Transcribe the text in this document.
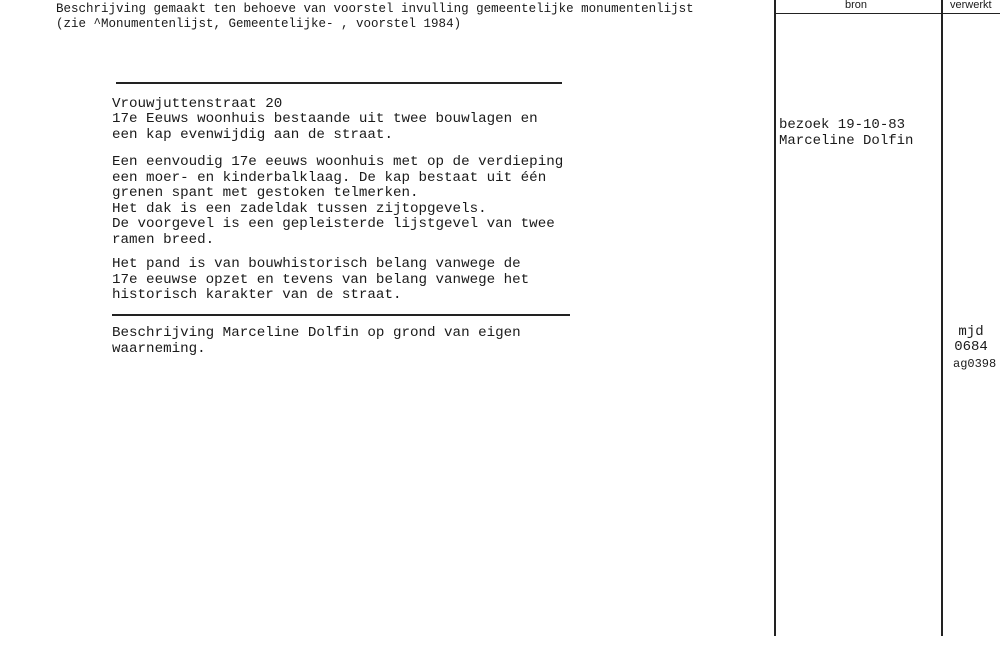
Beschrijving gemaakt ten behoeve van voorstel invulling gemeentelijke monumentenlijst
(zie ^Monumentenlijst, Gemeentelijke- , voorstel 1984)
bron	verwerkt
Vrouwjuttenstraat 20
17e Eeuws woonhuis bestaande uit twee bouwlagen en
een kap evenwijdig aan de straat.
Een eenvoudig 17e eeuws woonhuis met op de verdieping
een moer- en kinderbalklaag. De kap bestaat uit één
grenen spant met gestoken telmerken.
Het dak is een zadeldak tussen zijtopgevels.
De voorgevel is een gepleisterde lijstgevel van twee
ramen breed.
Het pand is van bouwhistorisch belang vanwege de
17e eeuwse opzet en tevens van belang vanwege het
historisch karakter van de straat.
Beschrijving Marceline Dolfin op grond van eigen
waarneming.
bezoek 19-10-83
Marceline Dolfin
mjd
0684
ag0398
